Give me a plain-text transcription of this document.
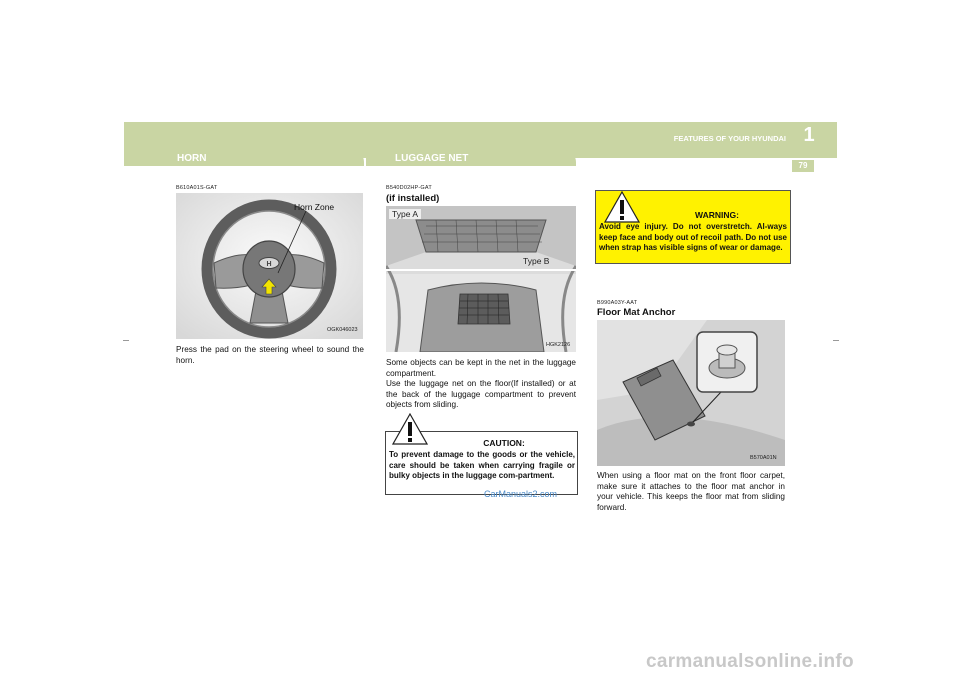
FEATURES OF YOUR HYUNDAI 1
79
HORN
B610A01S-GAT
H
Horn Zone
OGK046023
Press the pad on the steering wheel to sound the horn.
LUGGAGE NET
B540D02HP-GAT
(if installed)
Type A
Type B
HGK2126
Some objects can be kept in the net in the luggage compartment.
Use the luggage net on the floor(If installed) or at the back of the luggage compartment to prevent objects from sliding.
CAUTION:
To prevent damage to the goods or the vehicle, care should be taken when carrying fragile or bulky objects in the luggage com-partment.
WARNING:
Avoid eye injury. Do not overstretch. Al-ways keep face and body out of recoil path. Do not use when strap has visible signs of wear or damage.
B990A03Y-AAT
Floor Mat Anchor
B570A01N
When using a floor mat on the front floor carpet, make sure it attaches to the floor mat anchor in your vehicle. This keeps the floor mat from sliding forward.
CarManuals2.com
carmanualsonline.info
